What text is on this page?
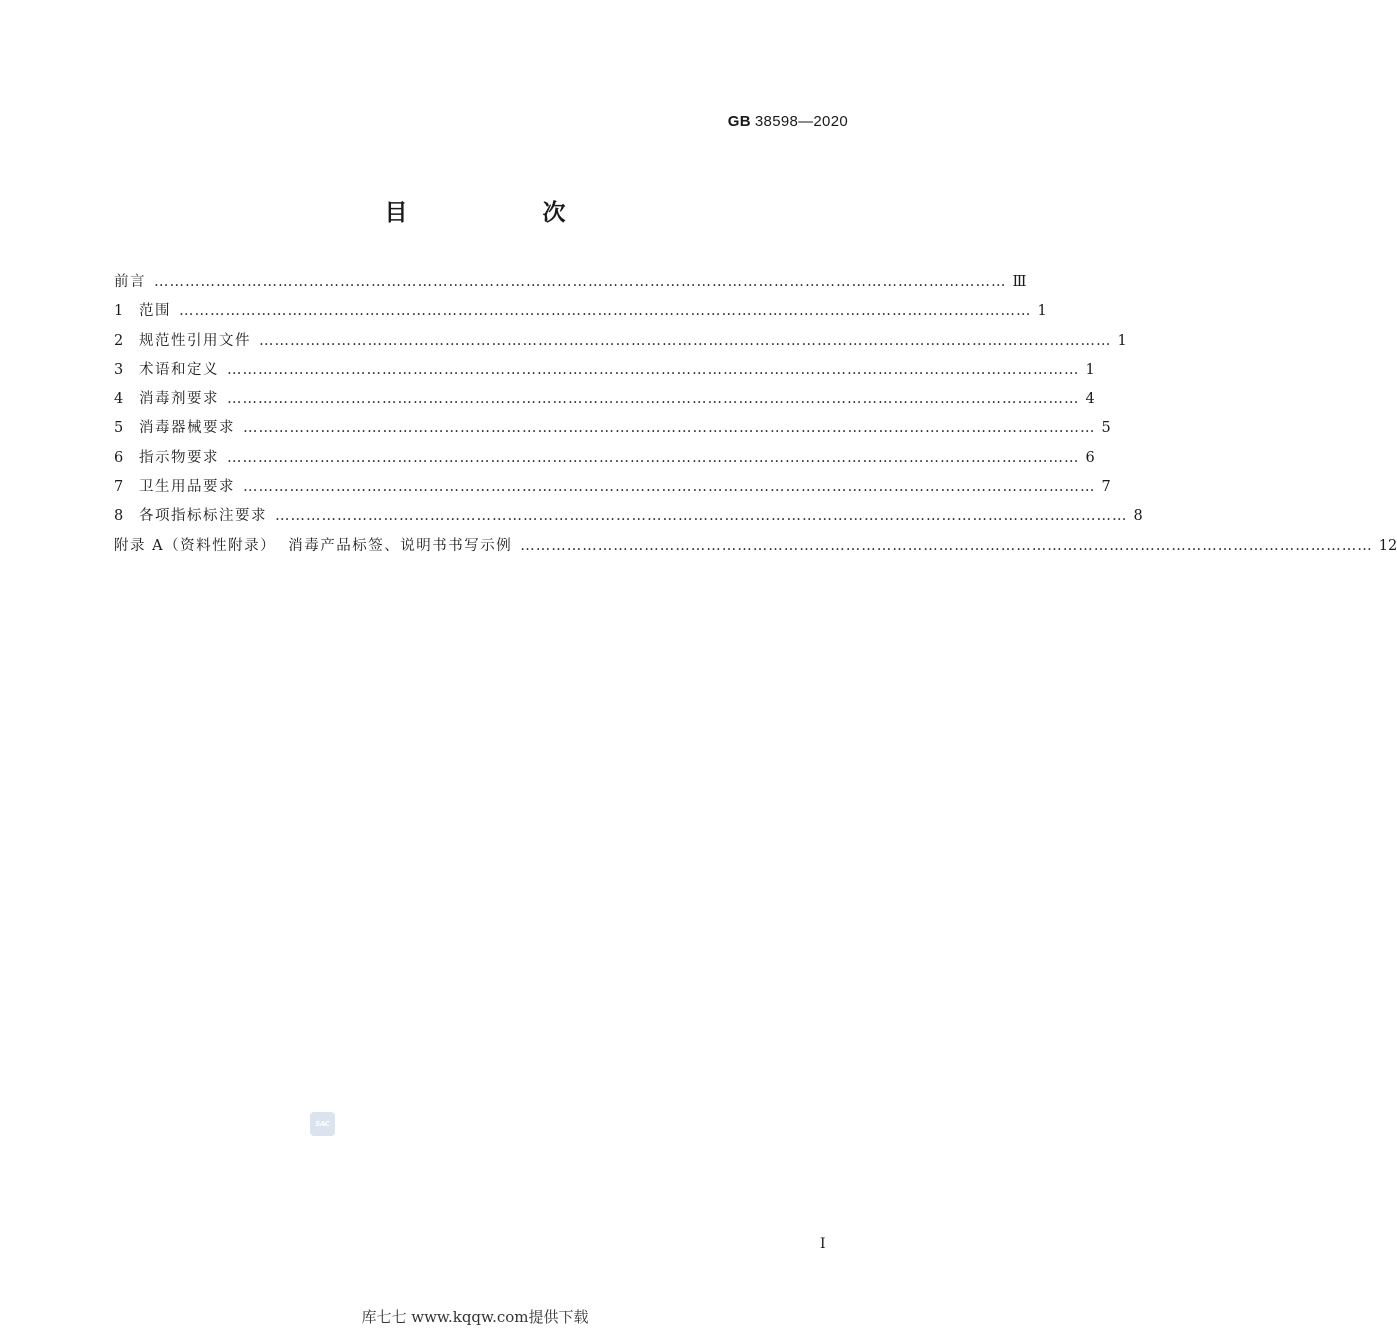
GB 38598—2020
目　次
前言 ………………………………………………………………………………………………………………………………………………… Ⅲ
1	范围 ………………………………………………………………………………………………………………………………………………… 1
2	规范性引用文件 ………………………………………………………………………………………………………………………………………………… 1
3	术语和定义 ………………………………………………………………………………………………………………………………………………… 1
4	消毒剂要求 ………………………………………………………………………………………………………………………………………………… 4
5	消毒器械要求 ………………………………………………………………………………………………………………………………………………… 5
6	指示物要求 ………………………………………………………………………………………………………………………………………………… 6
7	卫生用品要求 ………………………………………………………………………………………………………………………………………………… 7
8	各项指标标注要求 ………………………………………………………………………………………………………………………………………………… 8
附录 A（资料性附录）  消毒产品标签、说明书书写示例 ………………………………………………………………………………………………………………………………………………… 12
SAC
Ⅰ
库七七 www.kqqw.com提供下载
